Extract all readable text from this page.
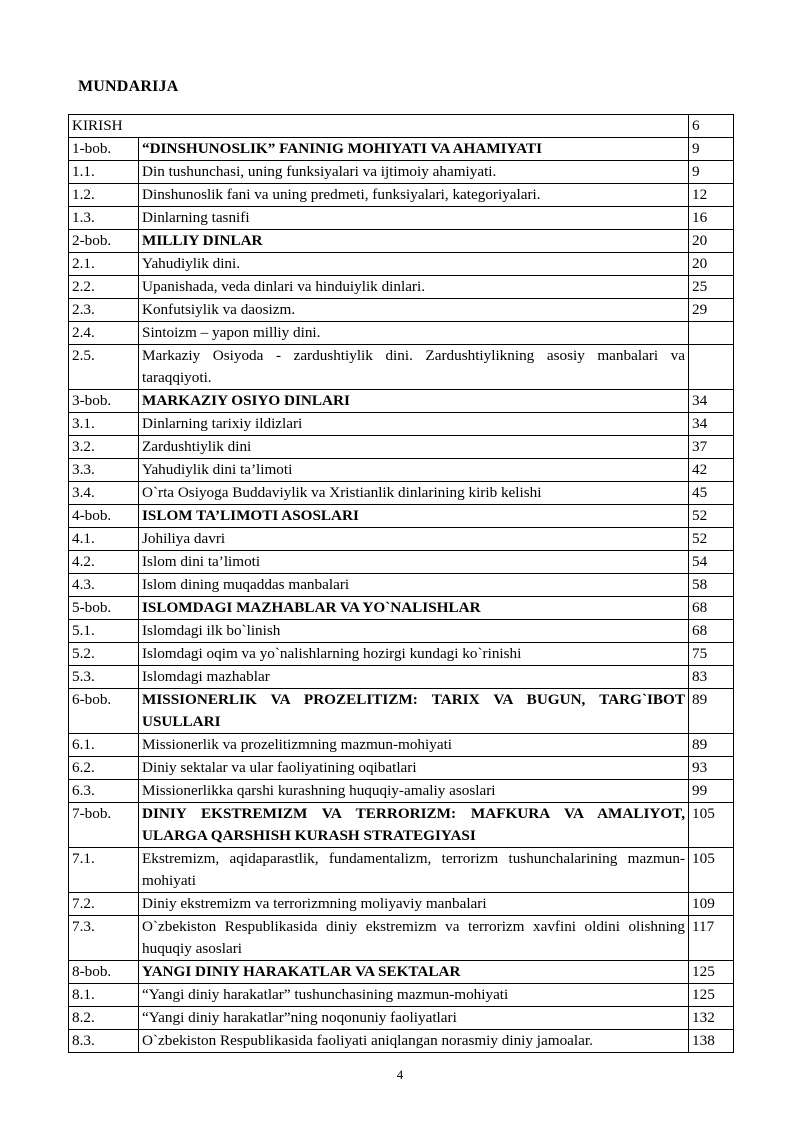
MUNDARIJA
KIRISH		6
1-bob.	“DINSHUNOSLIK” FANINIG MOHIYATI VA AHAMIYATI	9
1.1.	Din tushunchasi, uning funksiyalari va ijtimoiy ahamiyati.	9
1.2.	Dinshunoslik fani va uning predmeti, funksiyalari, kategoriyalari.	12
1.3.	Dinlarning tasnifi	16
2-bob.	MILLIY DINLAR	20
2.1.	Yahudiylik dini.	20
2.2.	Upanishada, veda dinlari va hinduiylik dinlari.	25
2.3.	Konfutsiylik va daosizm.	29
2.4.	Sintoizm – yapon milliy dini.	
2.5.	Markaziy Osiyoda - zardushtiylik dini. Zardushtiylikning asosiy manbalari va taraqqiyoti.	
3-bob.	MARKAZIY OSIYO DINLARI	34
3.1.	Dinlarning tarixiy ildizlari	34
3.2.	Zardushtiylik dini	37
3.3.	Yahudiylik dini ta’limoti	42
3.4.	O`rta Osiyoga Buddaviylik va Xristianlik dinlarining kirib kelishi	45
4-bob.	ISLOM TA’LIMOTI ASOSLARI	52
4.1.	Johiliya davri	52
4.2.	Islom dini ta’limoti	54
4.3.	Islom dining muqaddas manbalari	58
5-bob.	ISLOMDAGI MAZHABLAR VA YO`NALISHLAR	68
5.1.	Islomdagi ilk bo`linish	68
5.2.	Islomdagi oqim va yo`nalishlarning hozirgi kundagi ko`rinishi	75
5.3.	Islomdagi mazhablar	83
6-bob.	MISSIONERLIK VA PROZELITIZM: TARIX VA BUGUN, TARG`IBOT USULLARI	89
6.1.	Missionerlik va prozelitizmning mazmun-mohiyati	89
6.2.	Diniy sektalar va ular faoliyatining oqibatlari	93
6.3.	Missionerlikka qarshi kurashning huquqiy-amaliy asoslari	99
7-bob.	DINIY EKSTREMIZM VA TERRORIZM: MAFKURA VA AMALIYOT, ULARGA QARSHISH KURASH STRATEGIYASI	105
7.1.	Ekstremizm, aqidaparastlik, fundamentalizm, terrorizm tushunchalarining mazmun-mohiyati	105
7.2.	Diniy ekstremizm va terrorizmning moliyaviy manbalari	109
7.3.	O`zbekiston Respublikasida diniy ekstremizm va terrorizm xavfini oldini olishning huquqiy asoslari	117
8-bob.	YANGI DINIY HARAKATLAR VA SEKTALAR	125
8.1.	“Yangi diniy harakatlar” tushunchasining mazmun-mohiyati	125
8.2.	“Yangi diniy harakatlar”ning noqonuniy faoliyatlari	132
8.3.	O`zbekiston Respublikasida faoliyati aniqlangan norasmiy diniy jamoalar.	138
4
